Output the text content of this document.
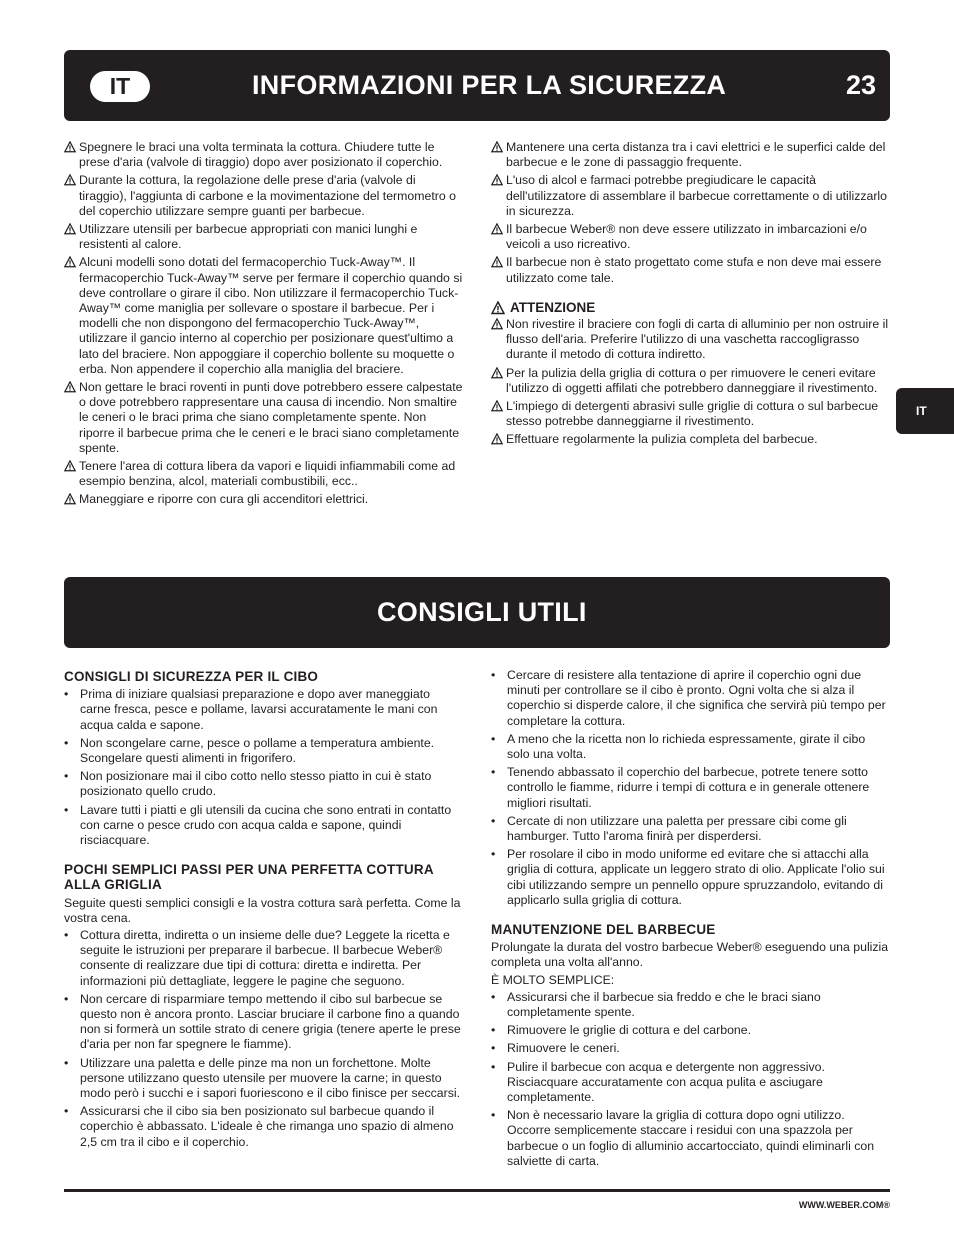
IT	INFORMAZIONI PER LA SICUREZZA	23
IT
Spegnere le braci una volta terminata la cottura. Chiudere tutte le prese d'aria (valvole di tiraggio) dopo aver posizionato il coperchio.
Durante la cottura, la regolazione delle prese d'aria (valvole di tiraggio), l'aggiunta di carbone e la movimentazione del termometro o del coperchio utilizzare sempre guanti per barbecue.
Utilizzare utensili per barbecue appropriati con manici lunghi e resistenti al calore.
Alcuni modelli sono dotati del fermacoperchio Tuck-Away™. Il fermacoperchio Tuck-Away™ serve per fermare il coperchio quando si deve controllare o girare il cibo. Non utilizzare il fermacoperchio Tuck-Away™ come maniglia per sollevare o spostare il barbecue. Per i modelli che non dispongono del fermacoperchio Tuck-Away™, utilizzare il gancio interno al coperchio per posizionare quest'ultimo a lato del braciere. Non appoggiare il coperchio bollente su moquette o erba. Non appendere il coperchio alla maniglia del braciere.
Non gettare le braci roventi in punti dove potrebbero essere calpestate o dove potrebbero rappresentare una causa di incendio. Non smaltire le ceneri o le braci prima che siano completamente spente. Non riporre il barbecue prima che le ceneri e le braci siano completamente spente.
Tenere l'area di cottura libera da vapori e liquidi infiammabili come ad esempio benzina, alcol, materiali combustibili, ecc..
Maneggiare e riporre con cura gli accenditori elettrici.
Mantenere una certa distanza tra i cavi elettrici e le superfici calde del barbecue e le zone di passaggio frequente.
L'uso di alcol e farmaci potrebbe pregiudicare le capacità dell'utilizzatore di assemblare il barbecue correttamente o di utilizzarlo in sicurezza.
Il barbecue Weber® non deve essere utilizzato in imbarcazioni e/o veicoli a uso ricreativo.
Il barbecue non è stato progettato come stufa e non deve mai essere utilizzato come tale.
ATTENZIONE
Non rivestire il braciere con fogli di carta di alluminio per non ostruire il flusso dell'aria. Preferire l'utilizzo di una vaschetta raccogligrasso durante il metodo di cottura indiretto.
Per la pulizia della griglia di cottura o per rimuovere le ceneri evitare l'utilizzo di oggetti affilati che potrebbero danneggiare il rivestimento.
L'impiego di detergenti abrasivi sulle griglie di cottura o sul barbecue stesso potrebbe danneggiarne il rivestimento.
Effettuare regolarmente la pulizia completa del barbecue.
CONSIGLI UTILI
CONSIGLI DI SICUREZZA PER IL CIBO
• Prima di iniziare qualsiasi preparazione e dopo aver maneggiato carne fresca, pesce e pollame, lavarsi accuratamente le mani con acqua calda e sapone.
• Non scongelare carne, pesce o pollame a temperatura ambiente. Scongelare questi alimenti in frigorifero.
• Non posizionare mai il cibo cotto nello stesso piatto in cui è stato posizionato quello crudo.
• Lavare tutti i piatti e gli utensili da cucina che sono entrati in contatto con carne o pesce crudo con acqua calda e sapone, quindi risciacquare.
POCHI SEMPLICI PASSI PER UNA PERFETTA COTTURA ALLA GRIGLIA
Seguite questi semplici consigli e la vostra cottura sarà perfetta. Come la vostra cena.
• Cottura diretta, indiretta o un insieme delle due? Leggete la ricetta e seguite le istruzioni per preparare il barbecue. Il barbecue Weber® consente di realizzare due tipi di cottura: diretta e indiretta. Per informazioni più dettagliate, leggere le pagine che seguono.
• Non cercare di risparmiare tempo mettendo il cibo sul barbecue se questo non è ancora pronto. Lasciar bruciare il carbone fino a quando non si formerà un sottile strato di cenere grigia (tenere aperte le prese d'aria per non far spegnere le fiamme).
• Utilizzare una paletta e delle pinze ma non un forchettone. Molte persone utilizzano questo utensile per muovere la carne; in questo modo però i succhi e i sapori fuoriescono e il cibo finisce per seccarsi.
• Assicurarsi che il cibo sia ben posizionato sul barbecue quando il coperchio è abbassato. L'ideale è che rimanga uno spazio di almeno 2,5 cm tra il cibo e il coperchio.
• Cercare di resistere alla tentazione di aprire il coperchio ogni due minuti per controllare se il cibo è pronto. Ogni volta che si alza il coperchio si disperde calore, il che significa che servirà più tempo per completare la cottura.
• A meno che la ricetta non lo richieda espressamente, girate il cibo solo una volta.
• Tenendo abbassato il coperchio del barbecue, potrete tenere sotto controllo le fiamme, ridurre i tempi di cottura e in generale ottenere migliori risultati.
• Cercate di non utilizzare una paletta per pressare cibi come gli hamburger. Tutto l'aroma finirà per disperdersi.
• Per rosolare il cibo in modo uniforme ed evitare che si attacchi alla griglia di cottura, applicate un leggero strato di olio. Applicate l'olio sui cibi utilizzando sempre un pennello oppure spruzzandolo, evitando di applicarlo sulla griglia di cottura.
MANUTENZIONE DEL BARBECUE
Prolungate la durata del vostro barbecue Weber® eseguendo una pulizia completa una volta all'anno.
È MOLTO SEMPLICE:
• Assicurarsi che il barbecue sia freddo e che le braci siano completamente spente.
• Rimuovere le griglie di cottura e del carbone.
• Rimuovere le ceneri.
• Pulire il barbecue con acqua e detergente non aggressivo. Risciacquare accuratamente con acqua pulita e asciugare completamente.
• Non è necessario lavare la griglia di cottura dopo ogni utilizzo. Occorre semplicemente staccare i residui con una spazzola per barbecue o un foglio di alluminio accartocciato, quindi eliminarli con salviette di carta.
WWW.WEBER.COM®
